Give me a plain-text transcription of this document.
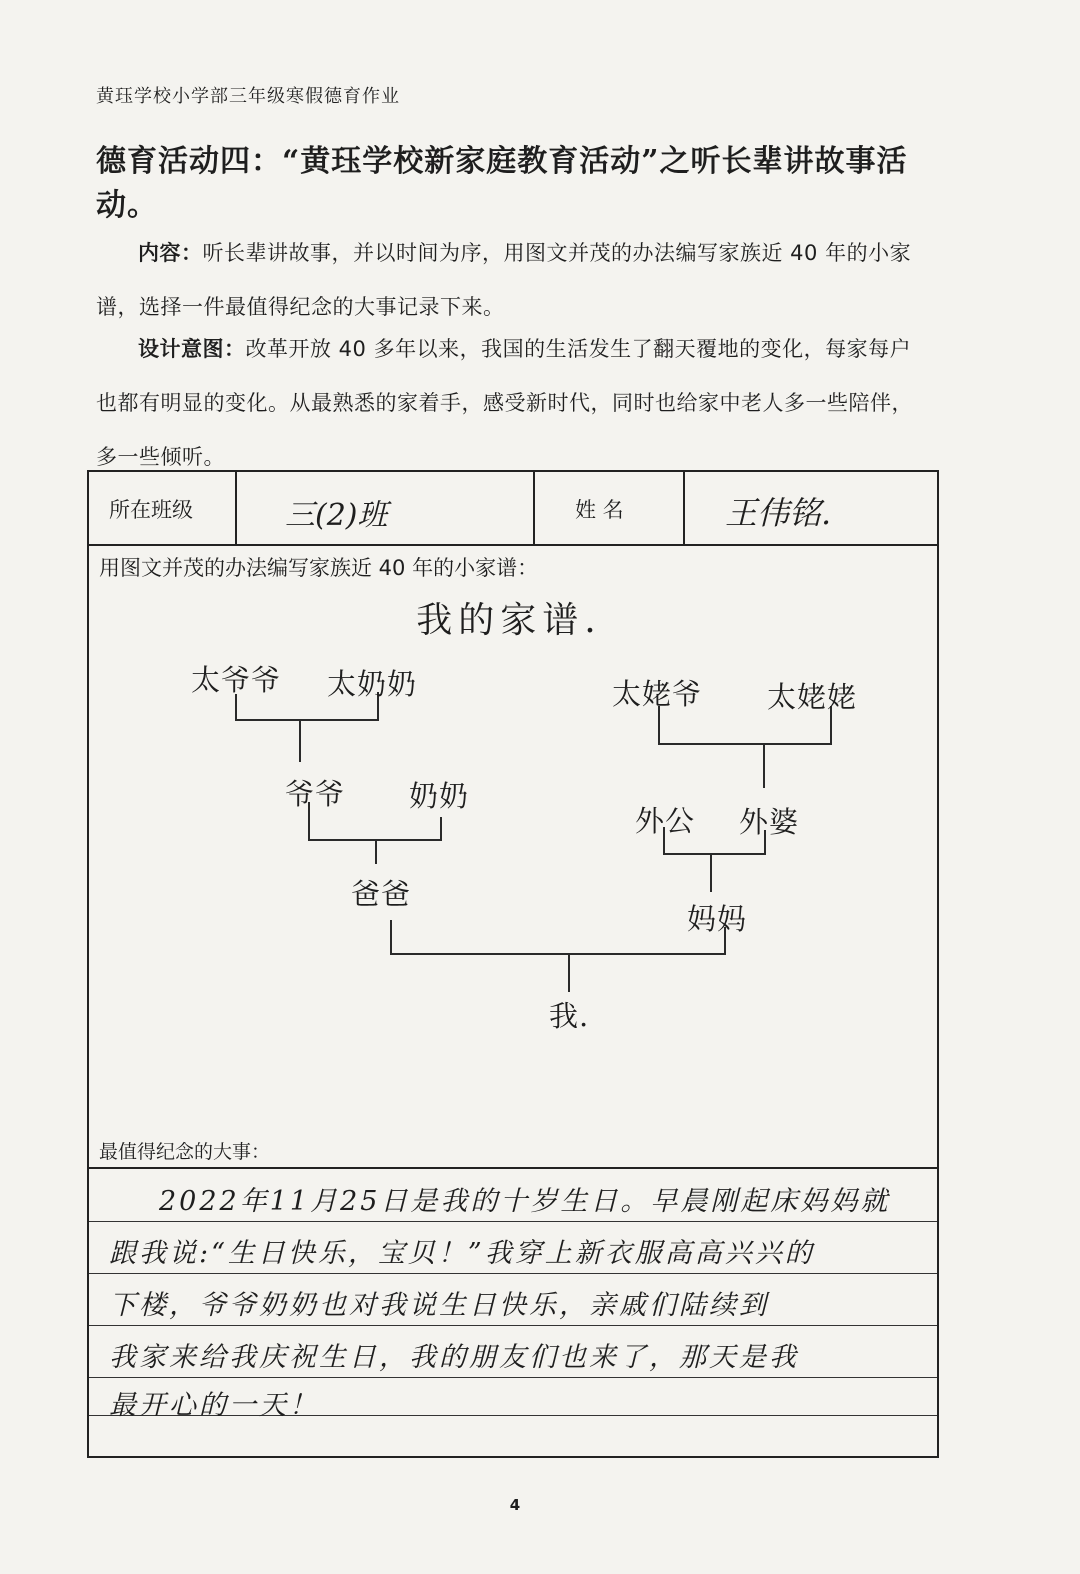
黄珏学校小学部三年级寒假德育作业
德育活动四：“黄珏学校新家庭教育活动”之听长辈讲故事活动。
内容：听长辈讲故事，并以时间为序，用图文并茂的办法编写家族近 40 年的小家谱，选择一件最值得纪念的大事记录下来。
设计意图：改革开放 40 多年以来，我国的生活发生了翻天覆地的变化，每家每户也都有明显的变化。从最熟悉的家着手，感受新时代，同时也给家中老人多一些陪伴，多一些倾听。
所在班级	三(2)班	姓 名	王伟铭.
用图文并茂的办法编写家族近 40 年的小家谱：
我的家谱.
太爷爷 太奶奶	太姥爷 太姥姥
爷爷 奶奶
外公 外婆
爸爸
妈妈
我.
最值得纪念的大事：
2022年11月25日是我的十岁生日。早晨刚起床妈妈就
跟我说:“生日快乐，宝贝！”我穿上新衣服高高兴兴的
下楼，爷爷奶奶也对我说生日快乐，亲戚们陆续到
我家来给我庆祝生日，我的朋友们也来了，那天是我
最开心的一天！
4
